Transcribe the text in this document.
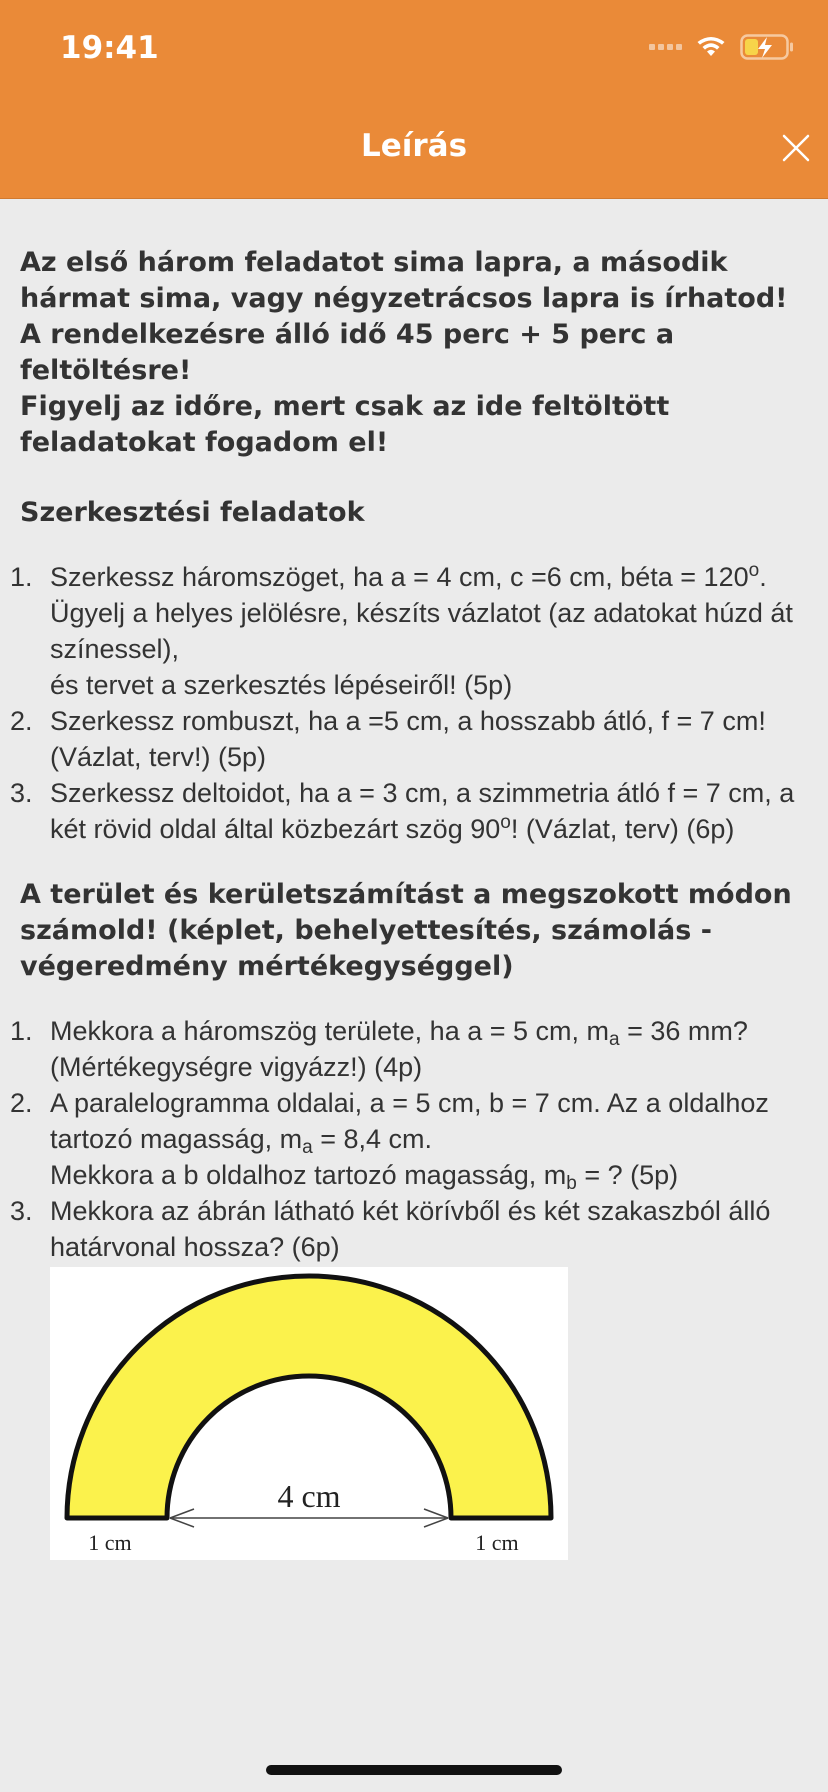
19:41
Leírás

Az első három feladatot sima lapra, a második hármat sima, vagy négyzetrácsos lapra is írhatod!

A rendelkezésre álló idő 45 perc + 5 perc a feltöltésre!

Figyelj az időre, mert csak az ide feltöltött feladatokat fogadom el!

Szerkesztési feladatok
1. Szerkessz háromszöget, ha a = 4 cm, c =6 cm, béta = $120^o$. Ügyelj a helyes jelölésre, készíts vázlatot (az adatokat húzd át színessel),
és tervet a szerkesztés lépéseiről! (5p)
2. Szerkessz rombuszt, ha a =5 cm, a hosszabb átló, f = 7 cm! (Vázlat, terv!) (5p)
3. Szerkessz deltoidot, ha a = 3 cm, a szimmetria átló f = 7 cm, a két rövid oldal által közbezárt szög 90$^o$! (Vázlat, terv) (6p)
A terület és kerületszámítást a megszokott módon számold! (képlet, behelyettesítés, számolás - végeredmény mértékegységgel)
1. Mekkora a háromszög területe, ha a = 5 cm, $m_a = 36$ mm? (Mértékegységre vigyázz!) (4p)
2. A paralelogramma oldalai, a = 5 cm, b = 7 cm. Az a oldalhoz tartozó magasság, $m_a = 8,4$ cm.
Mekkora a b oldalhoz tartozó magasság, $m_b$ = ? (5p)
3. Mekkora az ábrán látható két körívből és két szakaszból álló határvonal hossza? (6p)
4 cm
1 cm	1 cm
